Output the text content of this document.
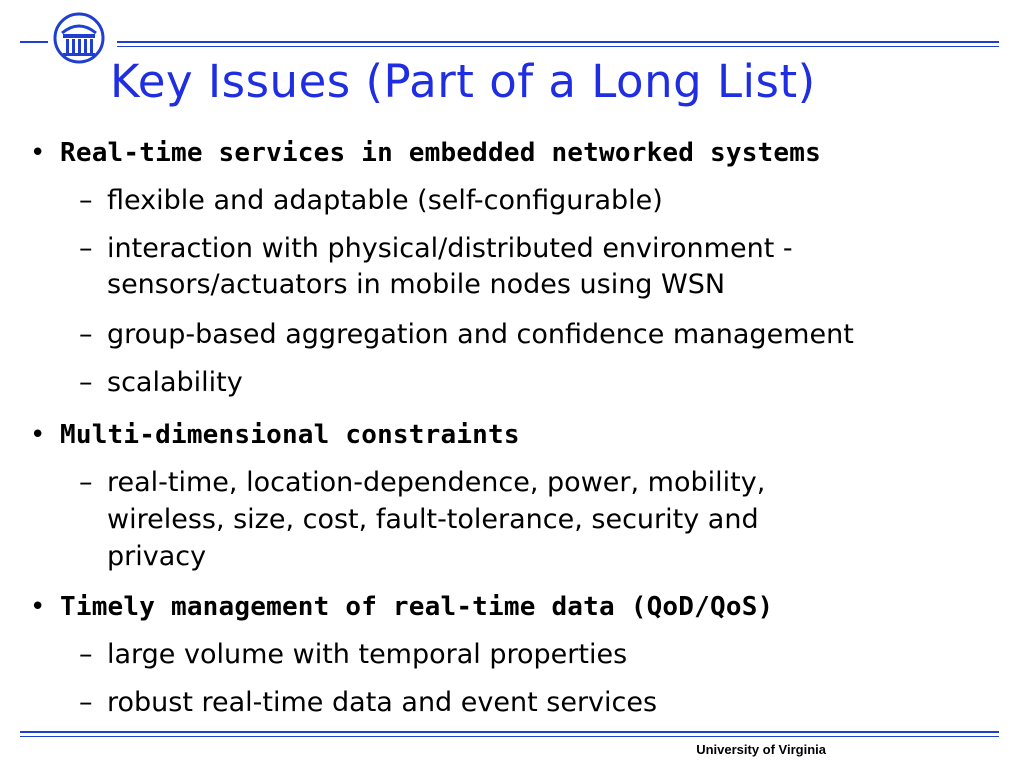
Key Issues (Part of a Long List)
• Real-time services in embedded networked systems
– flexible and adaptable (self-configurable)
– interaction with physical/distributed environment -
sensors/actuators in mobile nodes using WSN
– group-based aggregation and confidence management
– scalability
• Multi-dimensional constraints
– real-time, location-dependence, power, mobility,
wireless, size, cost, fault-tolerance, security and
privacy
• Timely management of real-time data (QoD/QoS)
– large volume with temporal properties
– robust real-time data and event services
University of Virginia
